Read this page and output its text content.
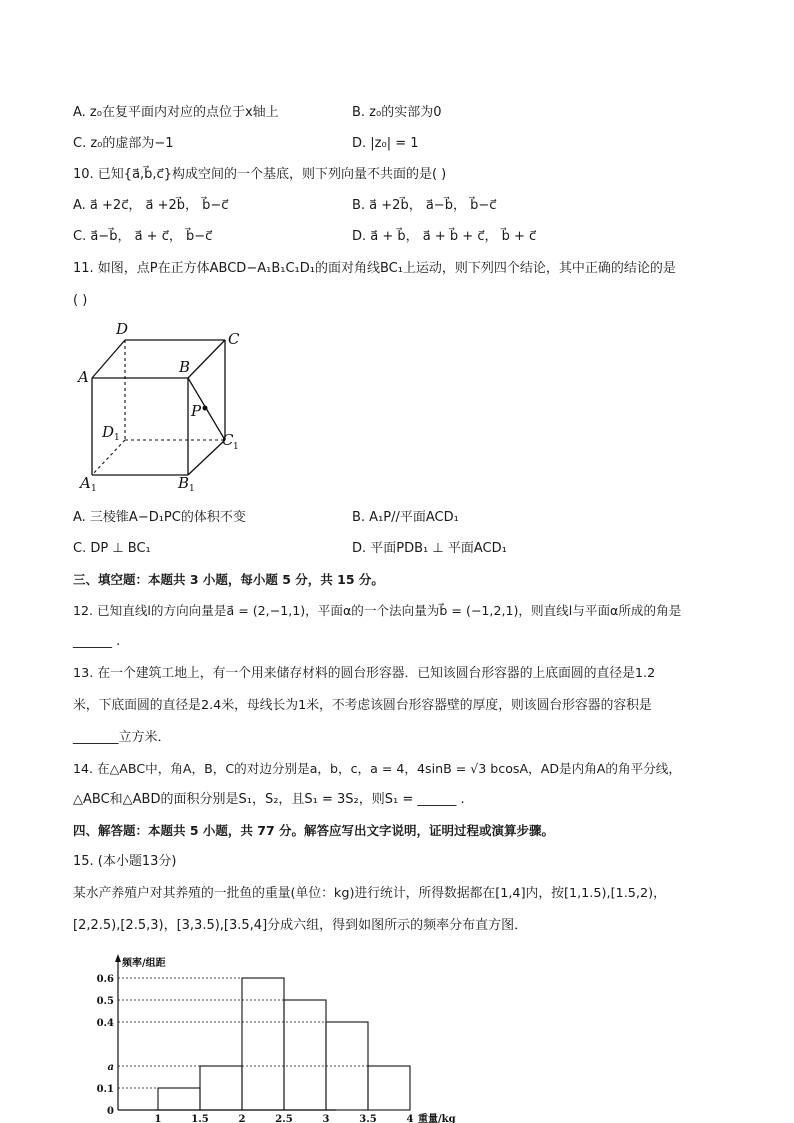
A. z₀在复平面内对应的点位于x轴上	B. z₀的实部为0
C. z₀的虚部为−1	D. |z₀| = 1
10. 已知{a⃗,b⃗,c⃗}构成空间的一个基底，则下列向量不共面的是( )
A. a⃗ +2c⃗， a⃗ +2b⃗， b⃗−c⃗	B. a⃗ +2b⃗， a⃗−b⃗， b⃗−c⃗
C. a⃗−b⃗， a⃗ + c⃗， b⃗−c⃗	D. a⃗ + b⃗， a⃗ + b⃗ + c⃗， b⃗ + c⃗
11. 如图，点P在正方体ABCD−A₁B₁C₁D₁的面对角线BC₁上运动，则下列四个结论，其中正确的结论的是
( )
D
C
A
B
P
D	C
A	B
1
1
1	1
A. 三棱锥A−D₁PC的体积不变	B. A₁P//平面ACD₁
C. DP ⊥ BC₁	D. 平面PDB₁ ⊥ 平面ACD₁
三、填空题：本题共 3 小题，每小题 5 分，共 15 分。
12. 已知直线l的方向向量是a⃗ = (2,−1,1)，平面α的一个法向量为b⃗ = (−1,2,1)，则直线l与平面α所成的角是
______ .
13. 在一个建筑工地上，有一个用来储存材料的圆台形容器．已知该圆台形容器的上底面圆的直径是1.2
米，下底面圆的直径是2.4米，母线长为1米，不考虑该圆台形容器壁的厚度，则该圆台形容器的容积是
_______立方米．
14. 在△ABC中，角A，B，C的对边分别是a，b，c，a = 4，4sinB = √3 bcosA，AD是内角A的角平分线，
△ABC和△ABD的面积分别是S₁，S₂，且S₁ = 3S₂，则S₁ = ______ .
四、解答题：本题共 5 小题，共 77 分。解答应写出文字说明，证明过程或演算步骤。
15. (本小题13分)
某水产养殖户对其养殖的一批鱼的重量(单位：kg)进行统计，所得数据都在[1,4]内，按[1,1.5),[1.5,2)，
[2,2.5),[2.5,3)，[3,3.5),[3.5,4]分成六组，得到如图所示的频率分布直方图．
0
0.1
a
0.4
0.5
0.6
1	1.5	2	2.5	3	3.5	4
频率/组距
重量/kg
